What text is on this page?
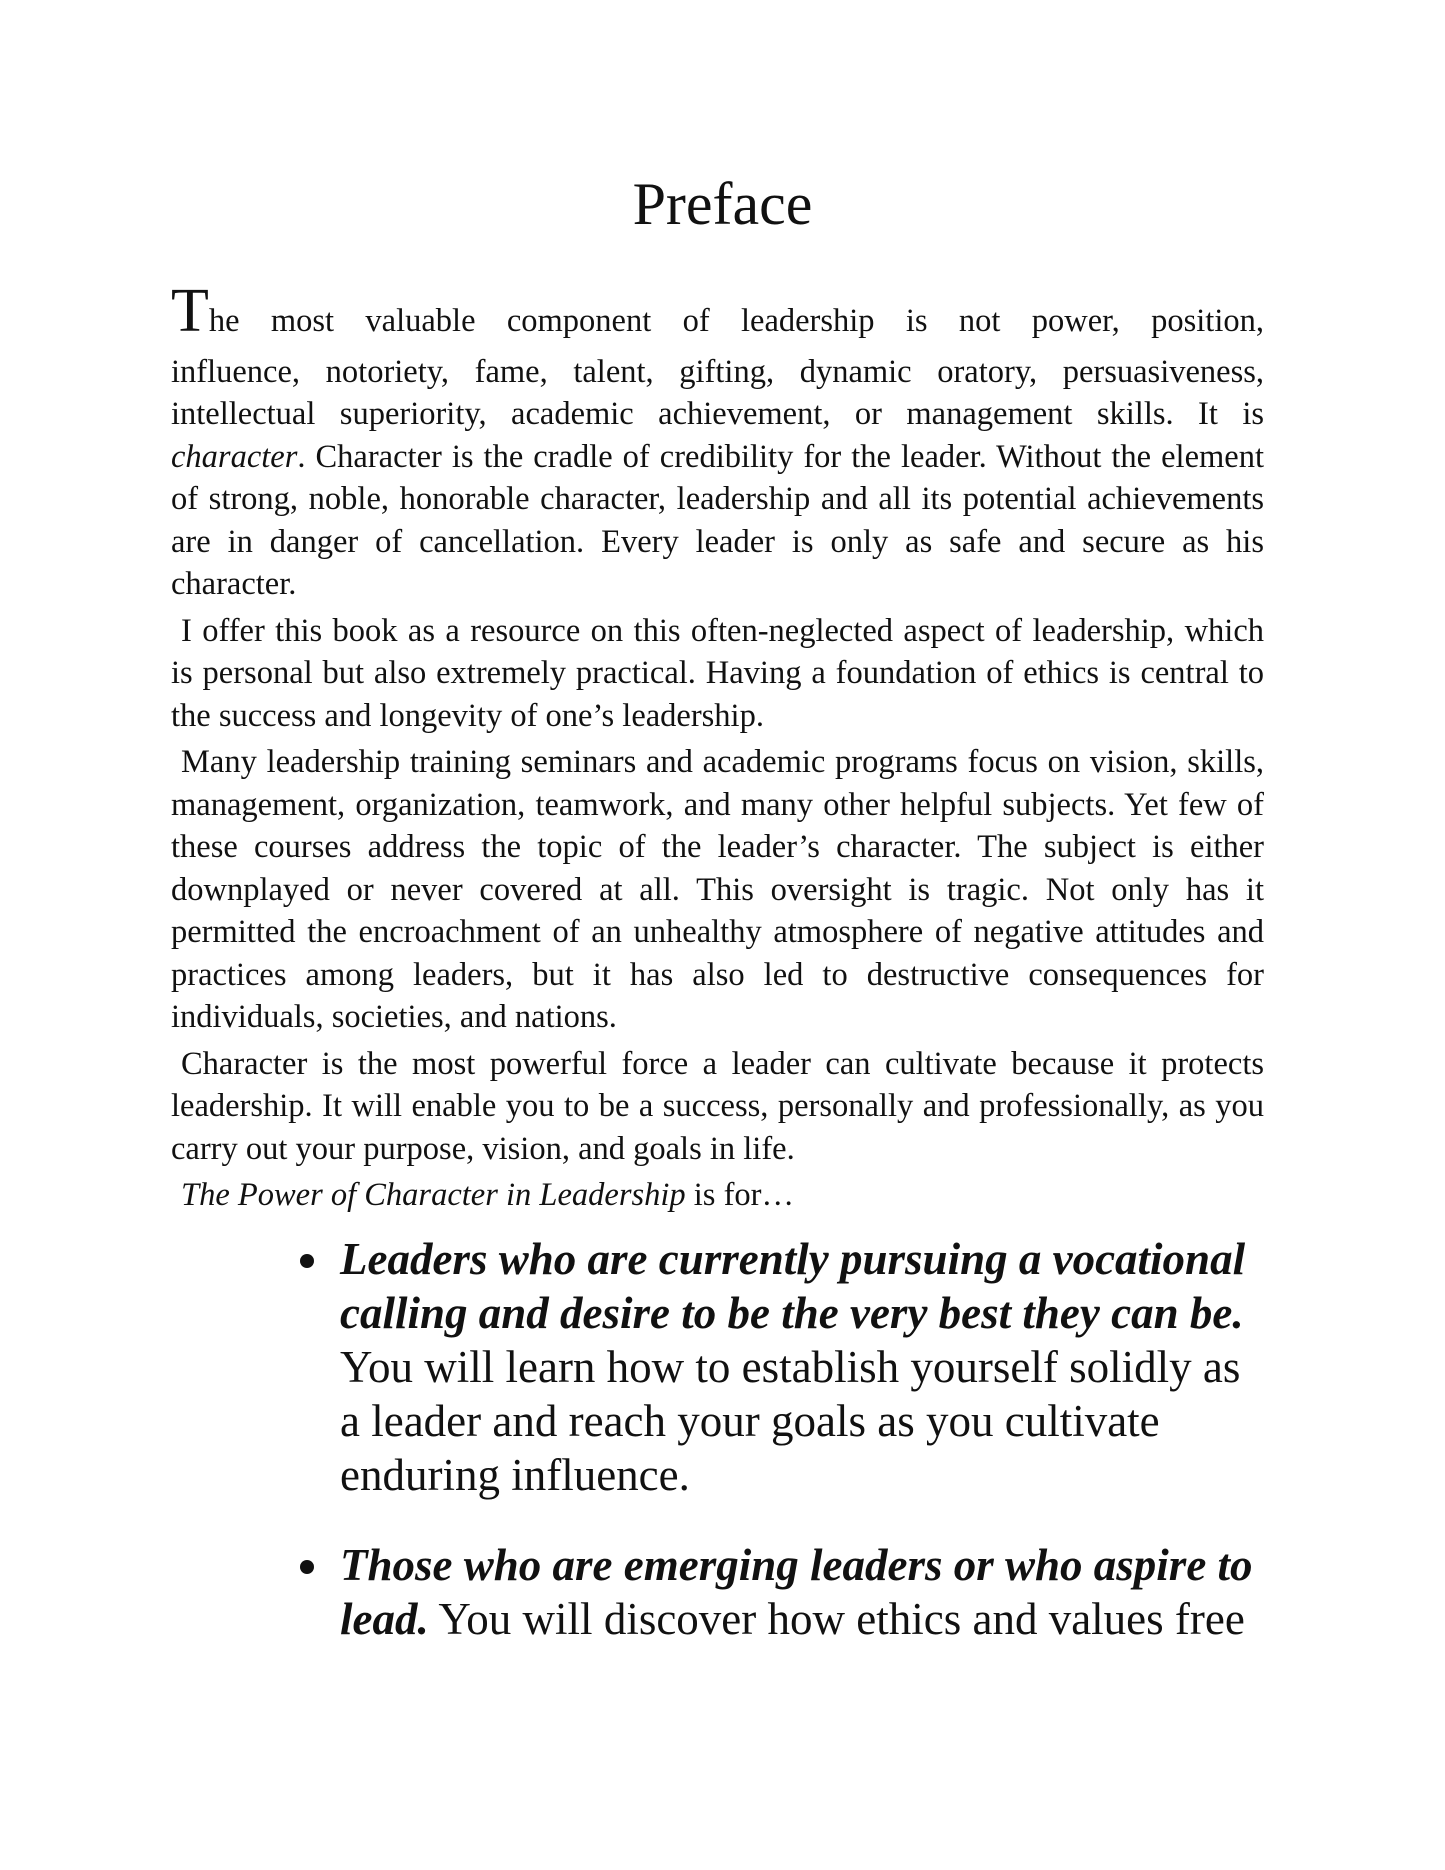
Preface

The most valuable component of leadership is not power, position,
influence, notoriety, fame, talent, gifting, dynamic oratory, persuasiveness, intellectual superiority, academic achievement, or management skills. It is character. Character is the cradle of credibility for the leader. Without the element of strong, noble, honorable character, leadership and all its potential achievements are in danger of cancellation. Every leader is only as safe and secure as his character.

I offer this book as a resource on this often-neglected aspect of leadership, which is personal but also extremely practical. Having a foundation of ethics is central to the success and longevity of one’s leadership.

Many leadership training seminars and academic programs focus on vision, skills, management, organization, teamwork, and many other helpful subjects. Yet few of these courses address the topic of the leader’s character. The subject is either downplayed or never covered at all. This oversight is tragic. Not only has it permitted the encroachment of an unhealthy atmosphere of negative attitudes and practices among leaders, but it has also led to destructive consequences for individuals, societies, and nations.

Character is the most powerful force a leader can cultivate because it protects leadership. It will enable you to be a success, personally and professionally, as you carry out your purpose, vision, and goals in life.

The Power of Character in Leadership is for…

Leaders who are currently pursuing a vocational calling and desire to be the very best they can be. You will learn how to establish yourself solidly as a leader and reach your goals as you cultivate enduring influence.
Those who are emerging leaders or who aspire to lead. You will discover how ethics and values free
